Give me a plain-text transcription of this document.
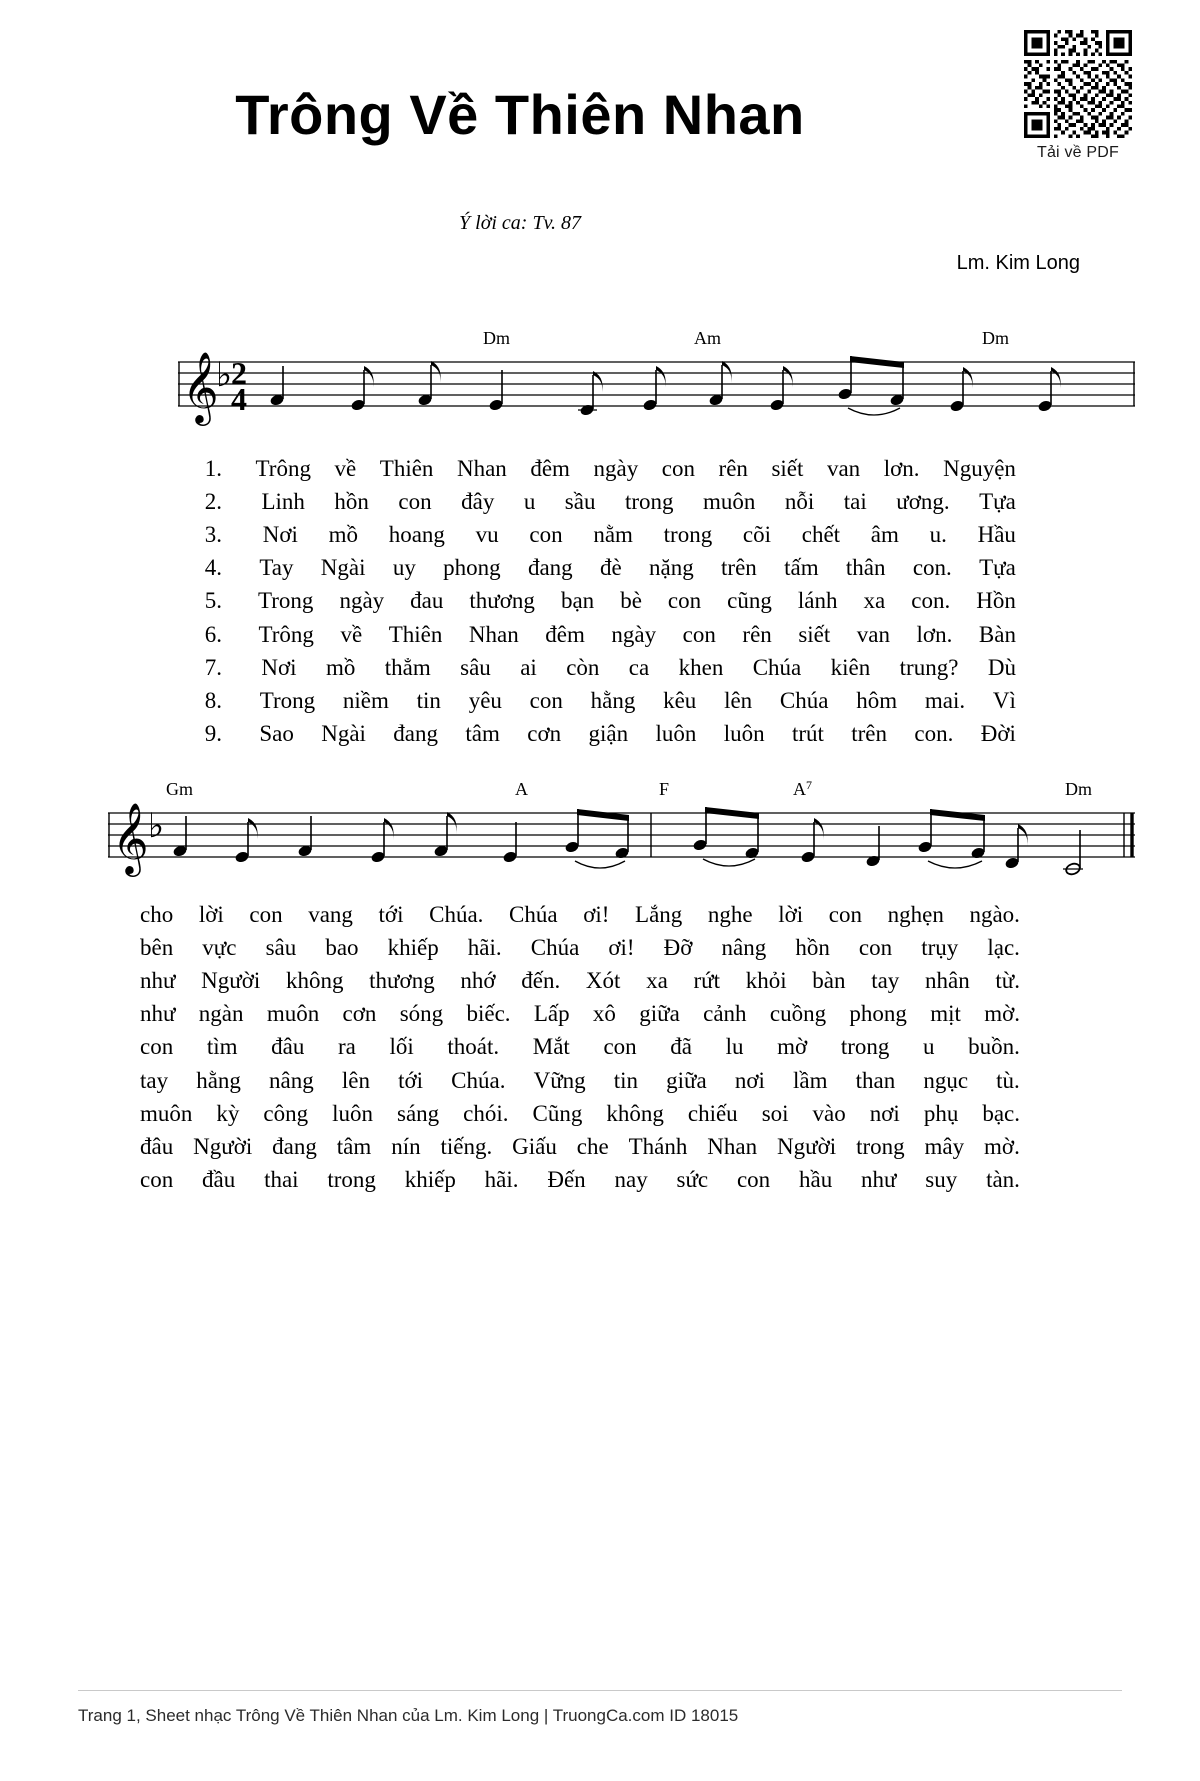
Tải về PDF
Trông Về Thiên Nhan
Ý lời ca: Tv. 87
Lm. Kim Long
𝄞
♭
2
4
Dm	Am	Dm
1. Trông về Thiên Nhan đêm ngày con rên siết van lơn. Nguyện
2. Linh hồn con đây u sầu trong muôn nỗi tai ương. Tựa
3. Nơi mồ hoang vu con nằm trong cõi chết âm u. Hầu
4. Tay Ngài uy phong đang đè nặng trên tấm thân con. Tựa
5. Trong ngày đau thương bạn bè con cũng lánh xa con. Hồn
6. Trông về Thiên Nhan đêm ngày con rên siết van lơn. Bàn
7. Nơi mồ thẳm sâu ai còn ca khen Chúa kiên trung? Dù
8. Trong niềm tin yêu con hằng kêu lên Chúa hôm mai. Vì
9. Sao Ngài đang tâm cơn giận luôn luôn trút trên con. Đời
𝄞 ♭
Gm	A	F	A 7	Dm
cho lời con vang tới Chúa. Chúa ơi! Lắng nghe lời con nghẹn ngào.
bên vực sâu bao khiếp hãi. Chúa ơi! Đỡ nâng hồn con trụy lạc.
như Người không thương nhớ đến. Xót xa rứt khỏi bàn tay nhân từ.
như ngàn muôn cơn sóng biếc. Lấp xô giữa cảnh cuồng phong mịt mờ.
con tìm đâu ra lối thoát. Mắt con đã lu mờ trong u buồn.
tay hằng nâng lên tới Chúa. Vững tin giữa nơi lầm than ngục tù.
muôn kỳ công luôn sáng chói. Cũng không chiếu soi vào nơi phụ bạc.
đâu Người đang tâm nín tiếng. Giấu che Thánh Nhan Người trong mây mờ.
con đầu thai trong khiếp hãi. Đến nay sức con hầu như suy tàn.
Trang 1, Sheet nhạc Trông Về Thiên Nhan của Lm. Kim Long | TruongCa.com ID 18015
